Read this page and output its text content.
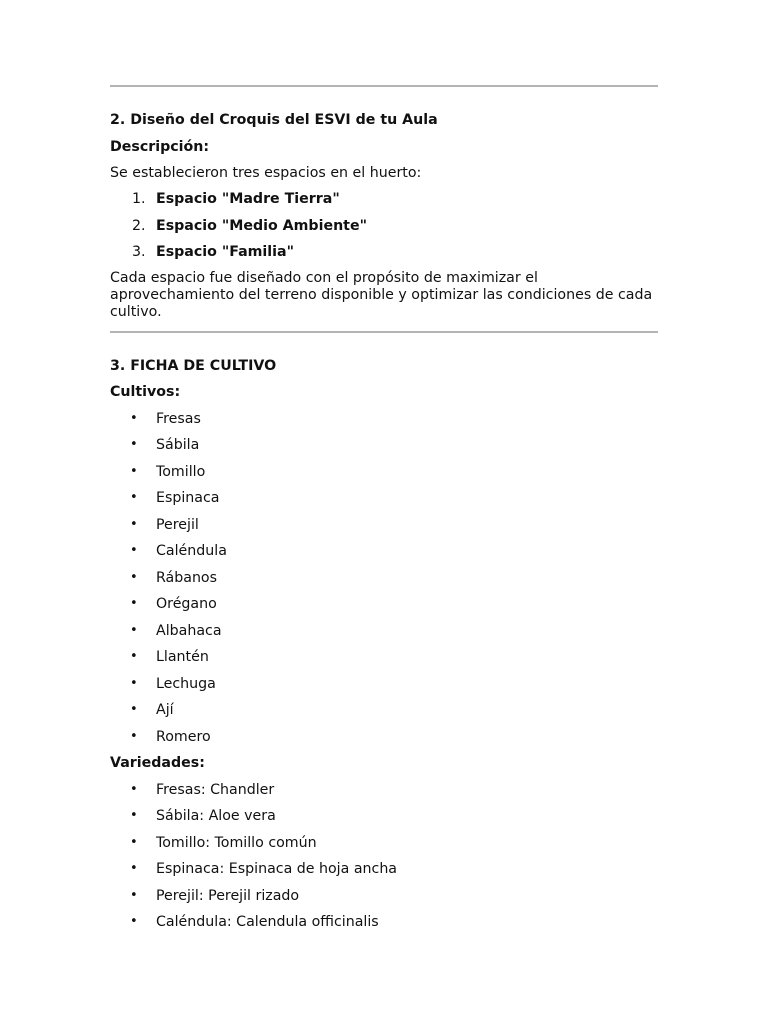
2. Diseño del Croquis del ESVI de tu Aula
Descripción:
Se establecieron tres espacios en el huerto:
1. Espacio "Madre Tierra"
2. Espacio "Medio Ambiente"
3. Espacio "Familia"
Cada espacio fue diseñado con el propósito de maximizar el aprovechamiento del terreno disponible y optimizar las condiciones de cada cultivo.
3. FICHA DE CULTIVO
Cultivos:
• Fresas
• Sábila
• Tomillo
• Espinaca
• Perejil
• Caléndula
• Rábanos
• Orégano
• Albahaca
• Llantén
• Lechuga
• Ají
• Romero
Variedades:
• Fresas: Chandler
• Sábila: Aloe vera
• Tomillo: Tomillo común
• Espinaca: Espinaca de hoja ancha
• Perejil: Perejil rizado
• Caléndula: Calendula officinalis
